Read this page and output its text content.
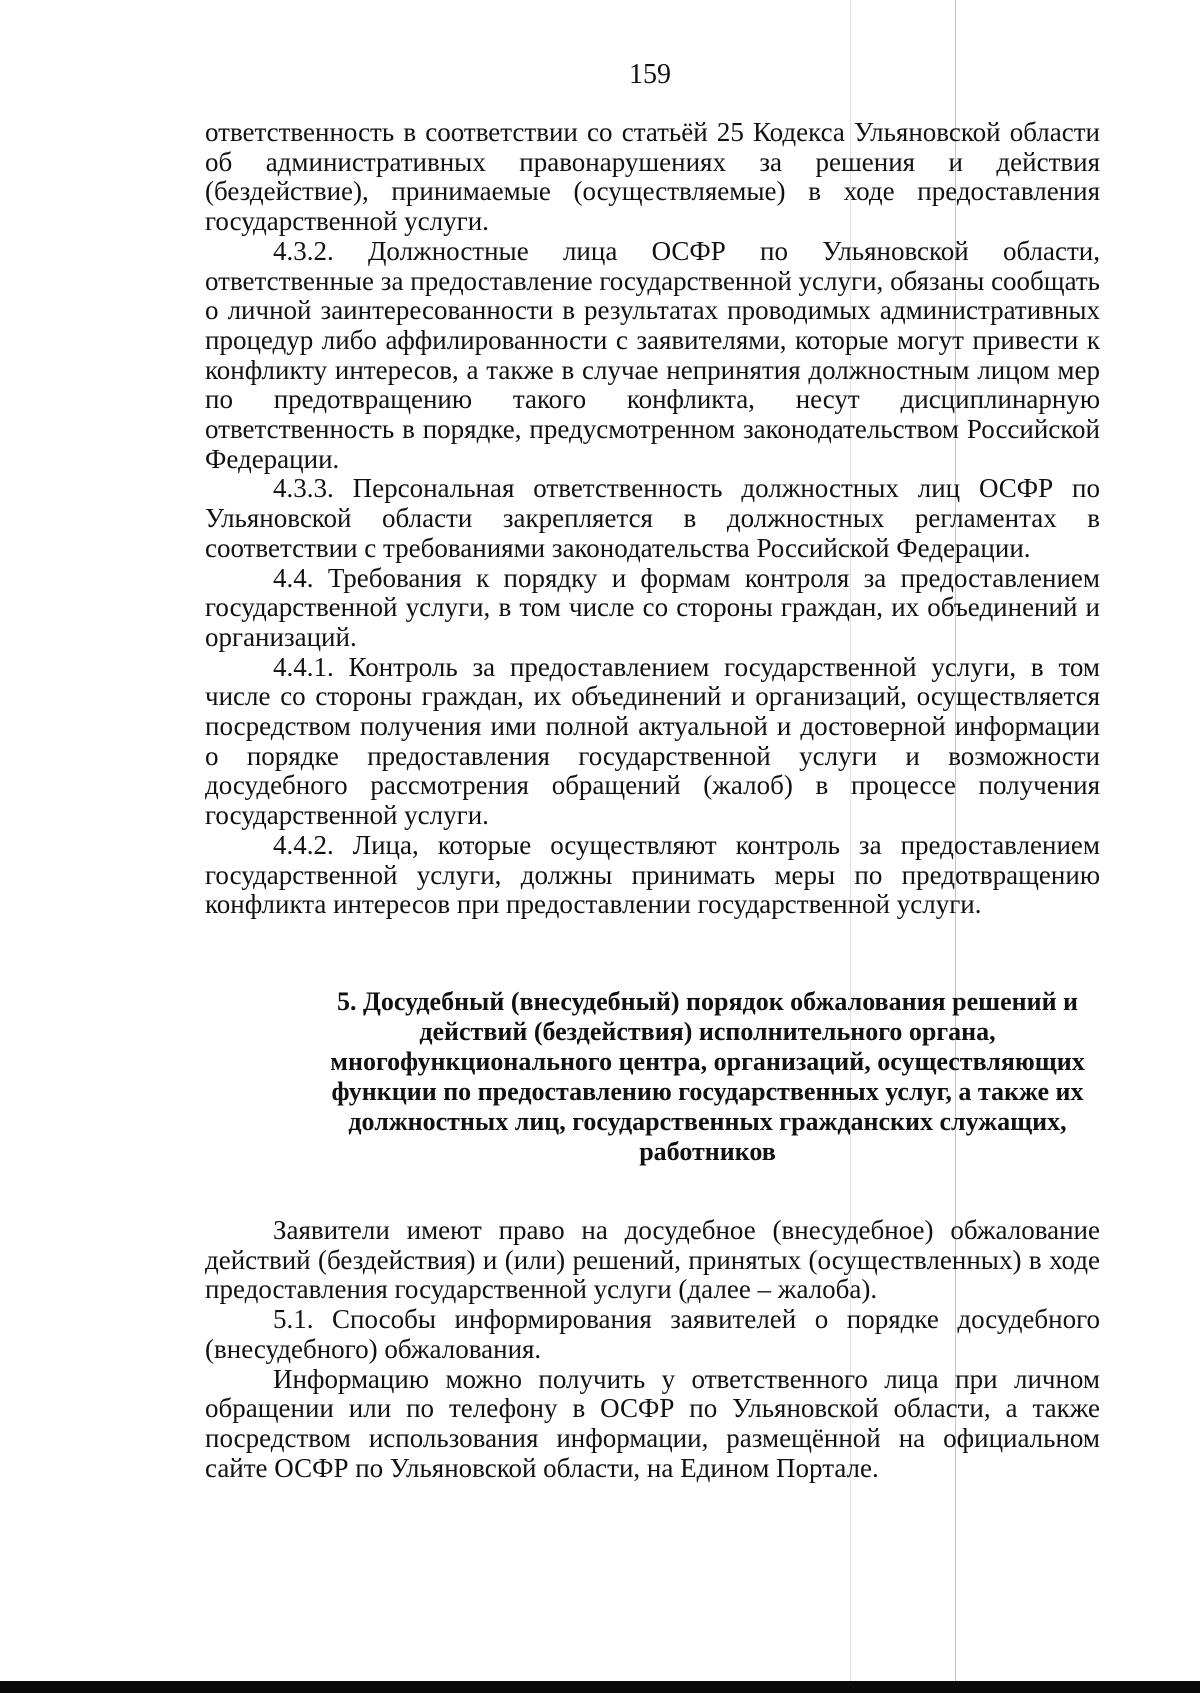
159

ответственность в соответствии со статьёй 25 Кодекса Ульяновской области об административных правонарушениях за решения и действия (бездействие), принимаемые (осуществляемые) в ходе предоставления государственной услуги.

4.3.2. Должностные лица ОСФР по Ульяновской области, ответственные за предоставление государственной услуги, обязаны сообщать о личной заинтересованности в результатах проводимых административных процедур либо аффилированности с заявителями, которые могут привести к конфликту интересов, а также в случае непринятия должностным лицом мер по предотвращению такого конфликта, несут дисциплинарную ответственность в порядке, предусмотренном законодательством Российской Федерации.

4.3.3. Персональная ответственность должностных лиц ОСФР по Ульяновской области закрепляется в должностных регламентах в соответствии с требованиями законодательства Российской Федерации.

4.4. Требования к порядку и формам контроля за предоставлением государственной услуги, в том числе со стороны граждан, их объединений и организаций.

4.4.1. Контроль за предоставлением государственной услуги, в том числе со стороны граждан, их объединений и организаций, осуществляется посредством получения ими полной актуальной и достоверной информации о порядке предоставления государственной услуги и возможности досудебного рассмотрения обращений (жалоб) в процессе получения государственной услуги.

4.4.2. Лица, которые осуществляют контроль за предоставлением государственной услуги, должны принимать меры по предотвращению конфликта интересов при предоставлении государственной услуги.

5. Досудебный (внесудебный) порядок обжалования решений и действий (бездействия) исполнительного органа, многофункционального центра, организаций, осуществляющих функции по предоставлению государственных услуг, а также их должностных лиц, государственных гражданских служащих, работников

Заявители имеют право на досудебное (внесудебное) обжалование действий (бездействия) и (или) решений, принятых (осуществленных) в ходе предоставления государственной услуги (далее – жалоба).

5.1. Способы информирования заявителей о порядке досудебного (внесудебного) обжалования.

Информацию можно получить у ответственного лица при личном обращении или по телефону в ОСФР по Ульяновской области, а также посредством использования информации, размещённой на официальном сайте ОСФР по Ульяновской области, на Едином Портале.
